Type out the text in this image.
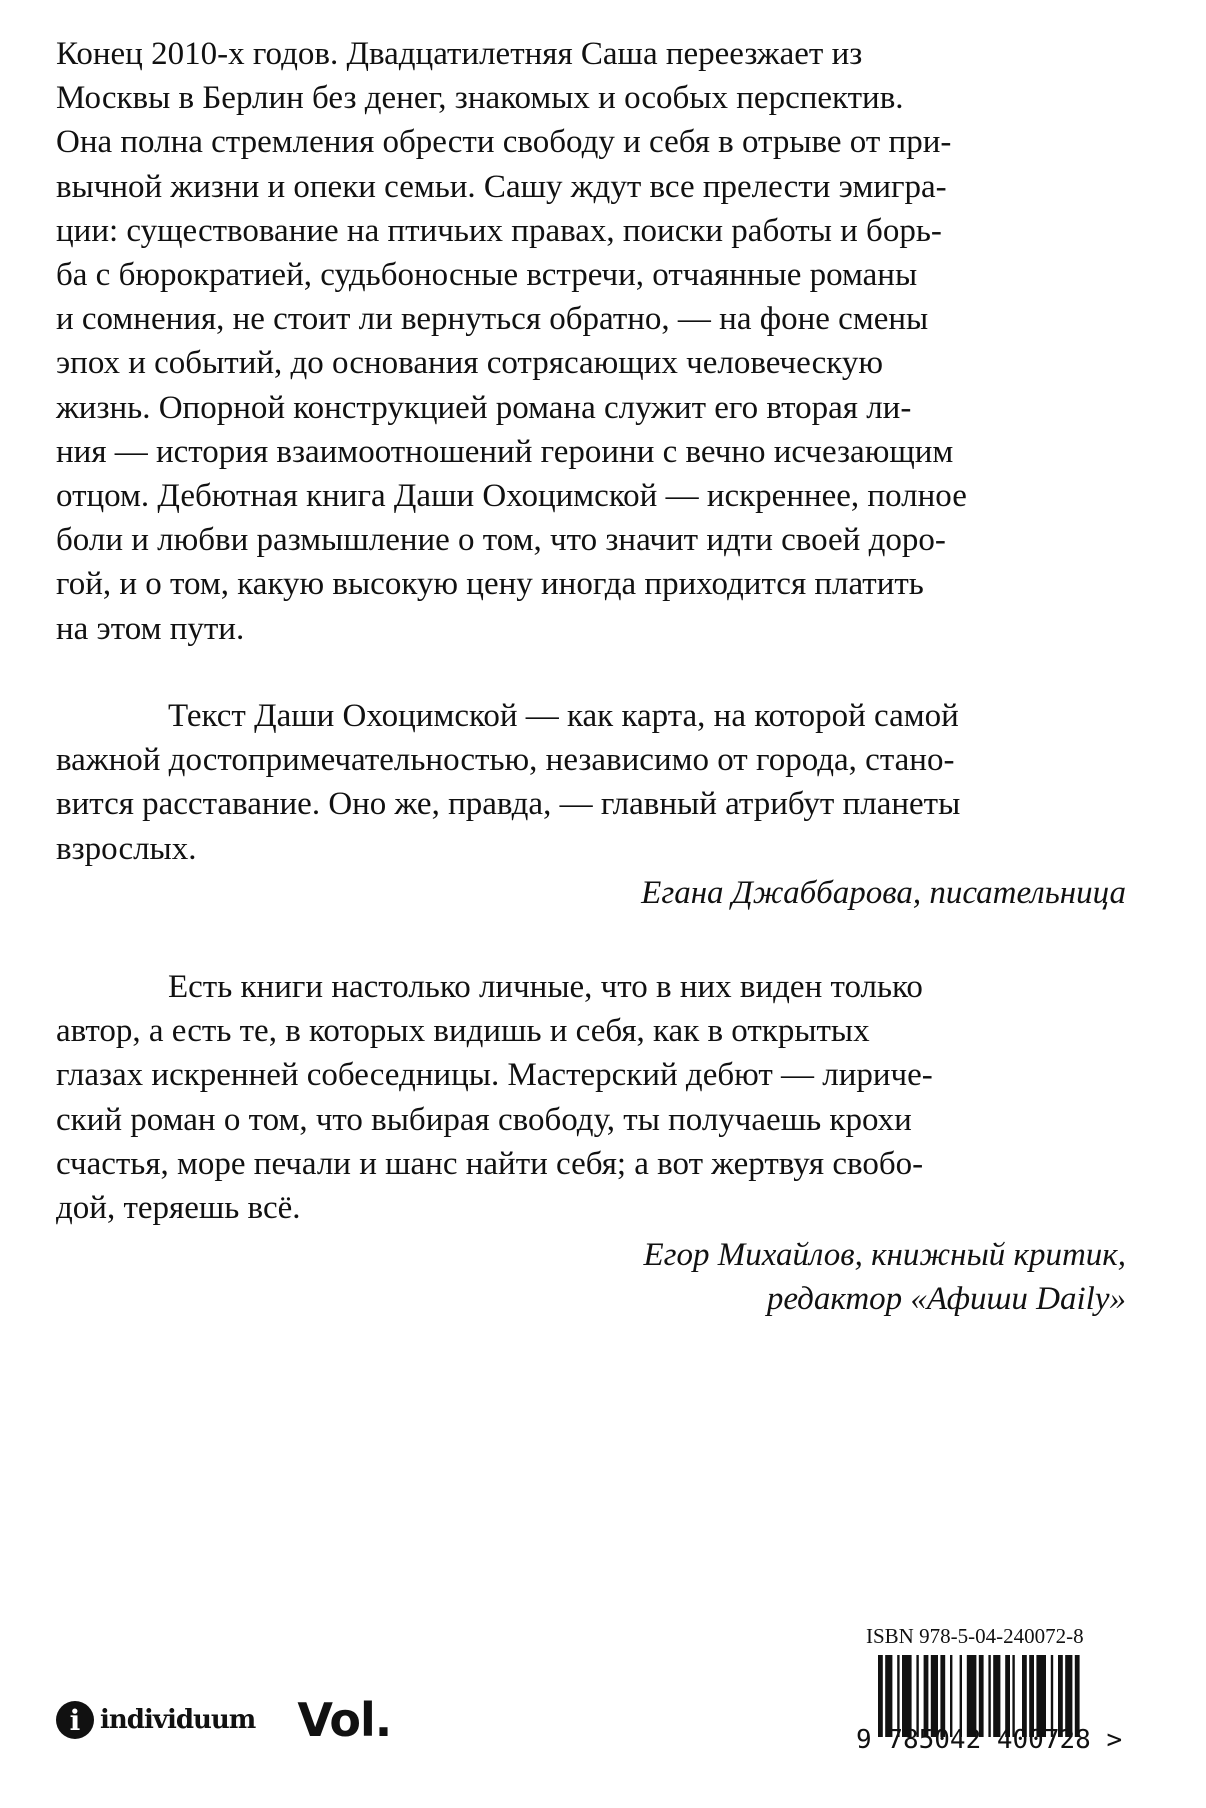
Конец 2010-х годов. Двадцатилетняя Саша переезжает из
Москвы в Берлин без денег, знакомых и особых перспектив.
Она полна стремления обрести свободу и себя в отрыве от при-
вычной жизни и опеки семьи. Сашу ждут все прелести эмигра-
ции: существование на птичьих правах, поиски работы и борь-
ба с бюрократией, судьбоносные встречи, отчаянные романы
и сомнения, не стоит ли вернуться обратно, — на фоне смены
эпох и событий, до основания сотрясающих человеческую
жизнь. Опорной конструкцией романа служит его вторая ли-
ния — история взаимоотношений героини с вечно исчезающим
отцом. Дебютная книга Даши Охоцимской — искреннее, полное
боли и любви размышление о том, что значит идти своей доро-
гой, и о том, какую высокую цену иногда приходится платить
на этом пути.
Текст Даши Охоцимской — как карта, на которой самой
важной достопримечательностью, независимо от города, стано-
вится расставание. Оно же, правда, — главный атрибут планеты
взрослых.
Егана Джаббарова, писательница
Есть книги настолько личные, что в них виден только
автор, а есть те, в которых видишь и себя, как в открытых
глазах искренней собеседницы. Мастерский дебют — лириче-
ский роман о том, что выбирая свободу, ты получаешь крохи
счастья, море печали и шанс найти себя; а вот жертвуя свобо-
дой, теряешь всё.
Егор Михайлов, книжный критик,
редактор «Афиши Daily»
i individuum Vol.
ISBN 978-5-04-240072-8
9 785042 400728 >
